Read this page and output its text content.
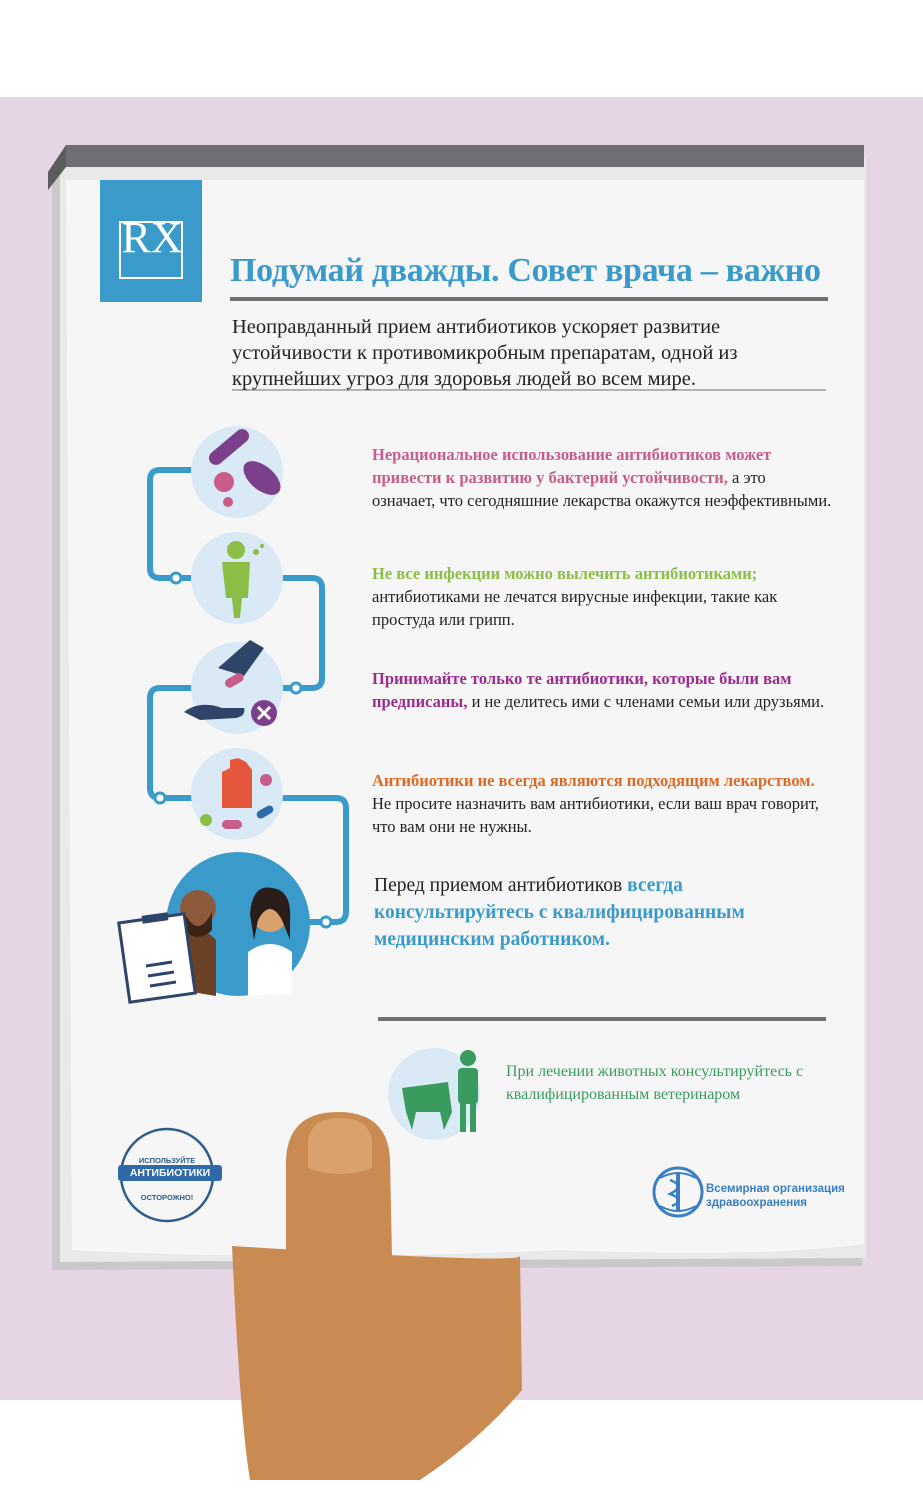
RX
Подумай дважды. Совет врача – важно

Неоправданный прием антибиотиков ускоряет развитие устойчивости к противомикробным препаратам, одной из крупнейших угроз для здоровья людей во всем мире.

Нерациональное использование антибиотиков может привести к развитию у бактерий устойчивости, а это означает, что сегодняшние лекарства окажутся неэффективными.

Не все инфекции можно вылечить антибиотиками; антибиотиками не лечатся вирусные инфекции, такие как простуда или грипп.

Принимайте только те антибиотики, которые были вам предписаны, и не делитесь ими с членами семьи или друзьями.

Антибиотики не всегда являются подходящим лекарством. Не просите назначить вам антибиотики, если ваш врач говорит, что вам они не нужны.

Перед приемом антибиотиков всегда консультируйтесь с квалифицированным медицинским работником.

При лечении животных консультируйтесь с квалифицированным ветеринаром

ИСПОЛЬЗУЙТЕ
АНТИБИОТИКИ
ОСТОРОЖНО!
Всемирная организация
здравоохранения
